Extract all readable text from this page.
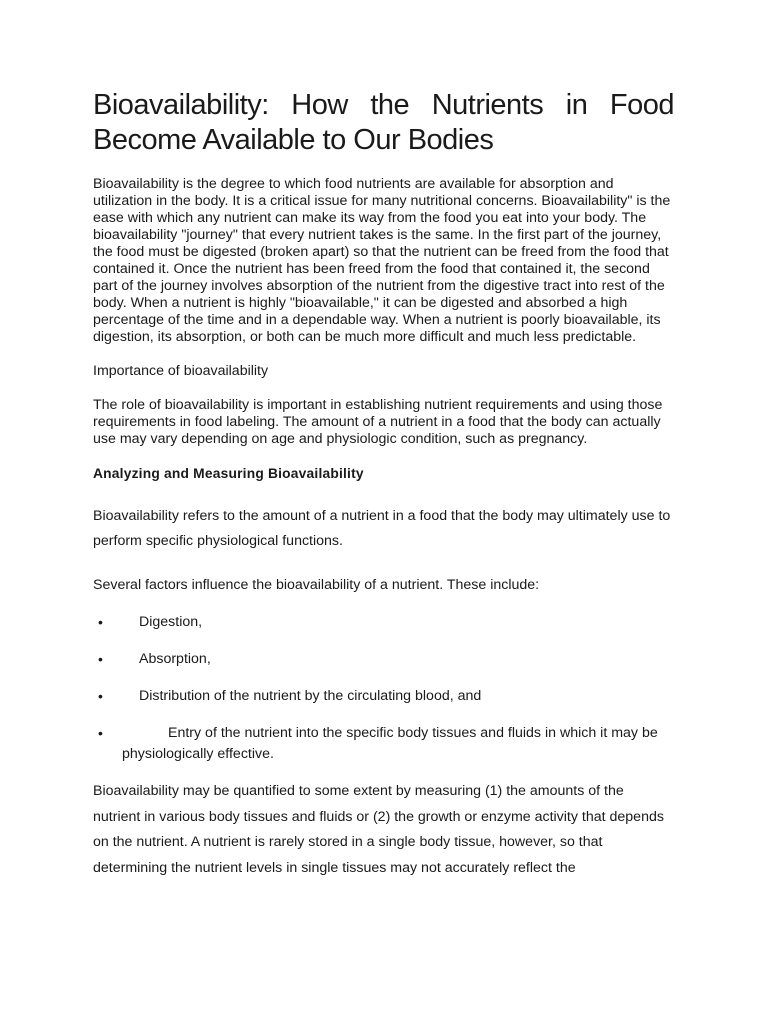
Bioavailability: How the Nutrients in Food Become Available to Our Bodies

Bioavailability is the degree to which food nutrients are available for absorption and utilization in the body. It is a critical issue for many nutritional concerns. Bioavailability" is the ease with which any nutrient can make its way from the food you eat into your body. The bioavailability "journey" that every nutrient takes is the same. In the first part of the journey, the food must be digested (broken apart) so that the nutrient can be freed from the food that contained it. Once the nutrient has been freed from the food that contained it, the second part of the journey involves absorption of the nutrient from the digestive tract into rest of the body. When a nutrient is highly "bioavailable," it can be digested and absorbed a high percentage of the time and in a dependable way. When a nutrient is poorly bioavailable, its digestion, its absorption, or both can be much more difficult and much less predictable.

Importance of bioavailability

The role of bioavailability is important in establishing nutrient requirements and using those requirements in food labeling. The amount of a nutrient in a food that the body can actually use may vary depending on age and physiologic condition, such as pregnancy.

Analyzing and Measuring Bioavailability

Bioavailability refers to the amount of a nutrient in a food that the body may ultimately use to perform specific physiological functions.

Several factors influence the bioavailability of a nutrient. These include:

•	Digestion,
•	Absorption,
•	Distribution of the nutrient by the circulating blood, and
•	Entry of the nutrient into the specific body tissues and fluids in which it may be physiologically effective.

Bioavailability may be quantified to some extent by measuring (1) the amounts of the nutrient in various body tissues and fluids or (2) the growth or enzyme activity that depends on the nutrient. A nutrient is rarely stored in a single body tissue, however, so that determining the nutrient levels in single tissues may not accurately reflect the
